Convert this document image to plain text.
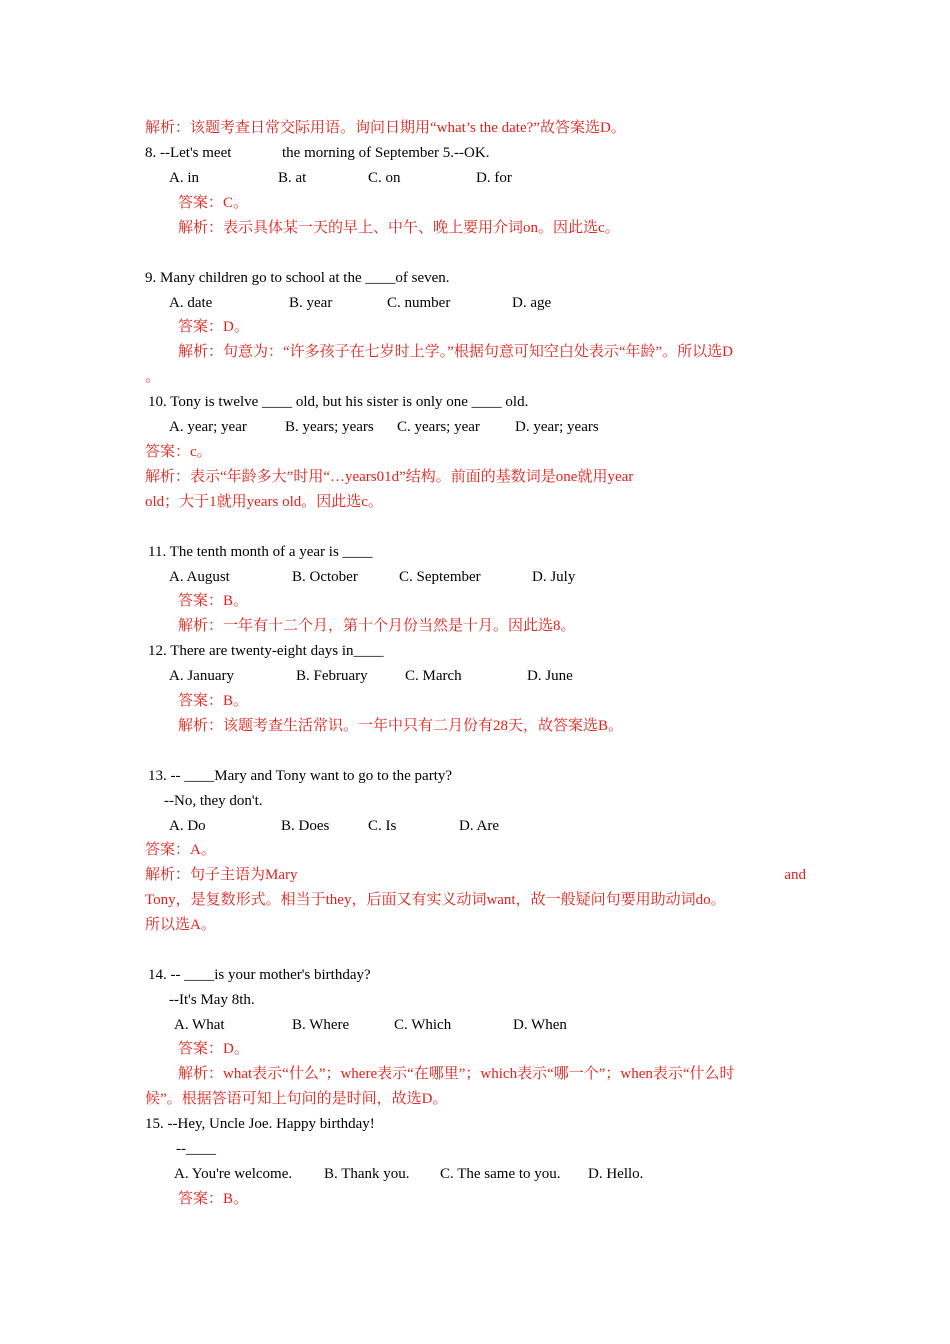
解析：该题考查日常交际用语。询问日期用“what’s the date?”故答案选D。
8. --Let's meet	the morning of September 5.--OK.
A. in	B. at	C. on	D. for
答案：C。
解析：表示具体某一天的早上、中午、晚上要用介词on。因此选c。
9. Many children go to school at the ____of seven.
A. date	B. year	C. number	D. age
答案：D。
解析：句意为：“许多孩子在七岁时上学。”根据句意可知空白处表示“年龄”。所以选D
。
10. Tony is twelve ____ old, but his sister is only one ____ old.
A. year; year	B. years; years C. years; year D. year; years
答案：c。
解析：表示“年龄多大”时用“…years01d”结构。前面的基数词是one就用year
old；大于1就用years old。因此选c。
11. The tenth month of a year is ____
A. August	B. October	C. September	D. July
答案：B。
解析：一年有十二个月，第十个月份当然是十月。因此选8。
12. There are twenty-eight days in____
A. January	B. February C. March	D. June
答案：B。
解析：该题考查生活常识。一年中只有二月份有28天，故答案选B。
13. -- ____Mary and Tony want to go to the party?
--No, they don't.
A. Do	B. Does	C. Is	D. Are
答案：A。
解析：句子主语为Mary	and
Tony，是复数形式。相当于they，后面又有实义动词want，故一般疑问句要用助动词do。
所以选A。
14. -- ____is your mother's birthday?
--It's May 8th.
A. What	B. Where	C. Which	D. When
答案：D。
解析：what表示“什么”；where表示“在哪里”；which表示“哪一个”；when表示“什么时
候”。根据答语可知上句问的是时间，故选D。
15. --Hey, Uncle Joe. Happy birthday!
--____
A. You're welcome. B. Thank you. C. The same to you. D. Hello.
答案：B。
